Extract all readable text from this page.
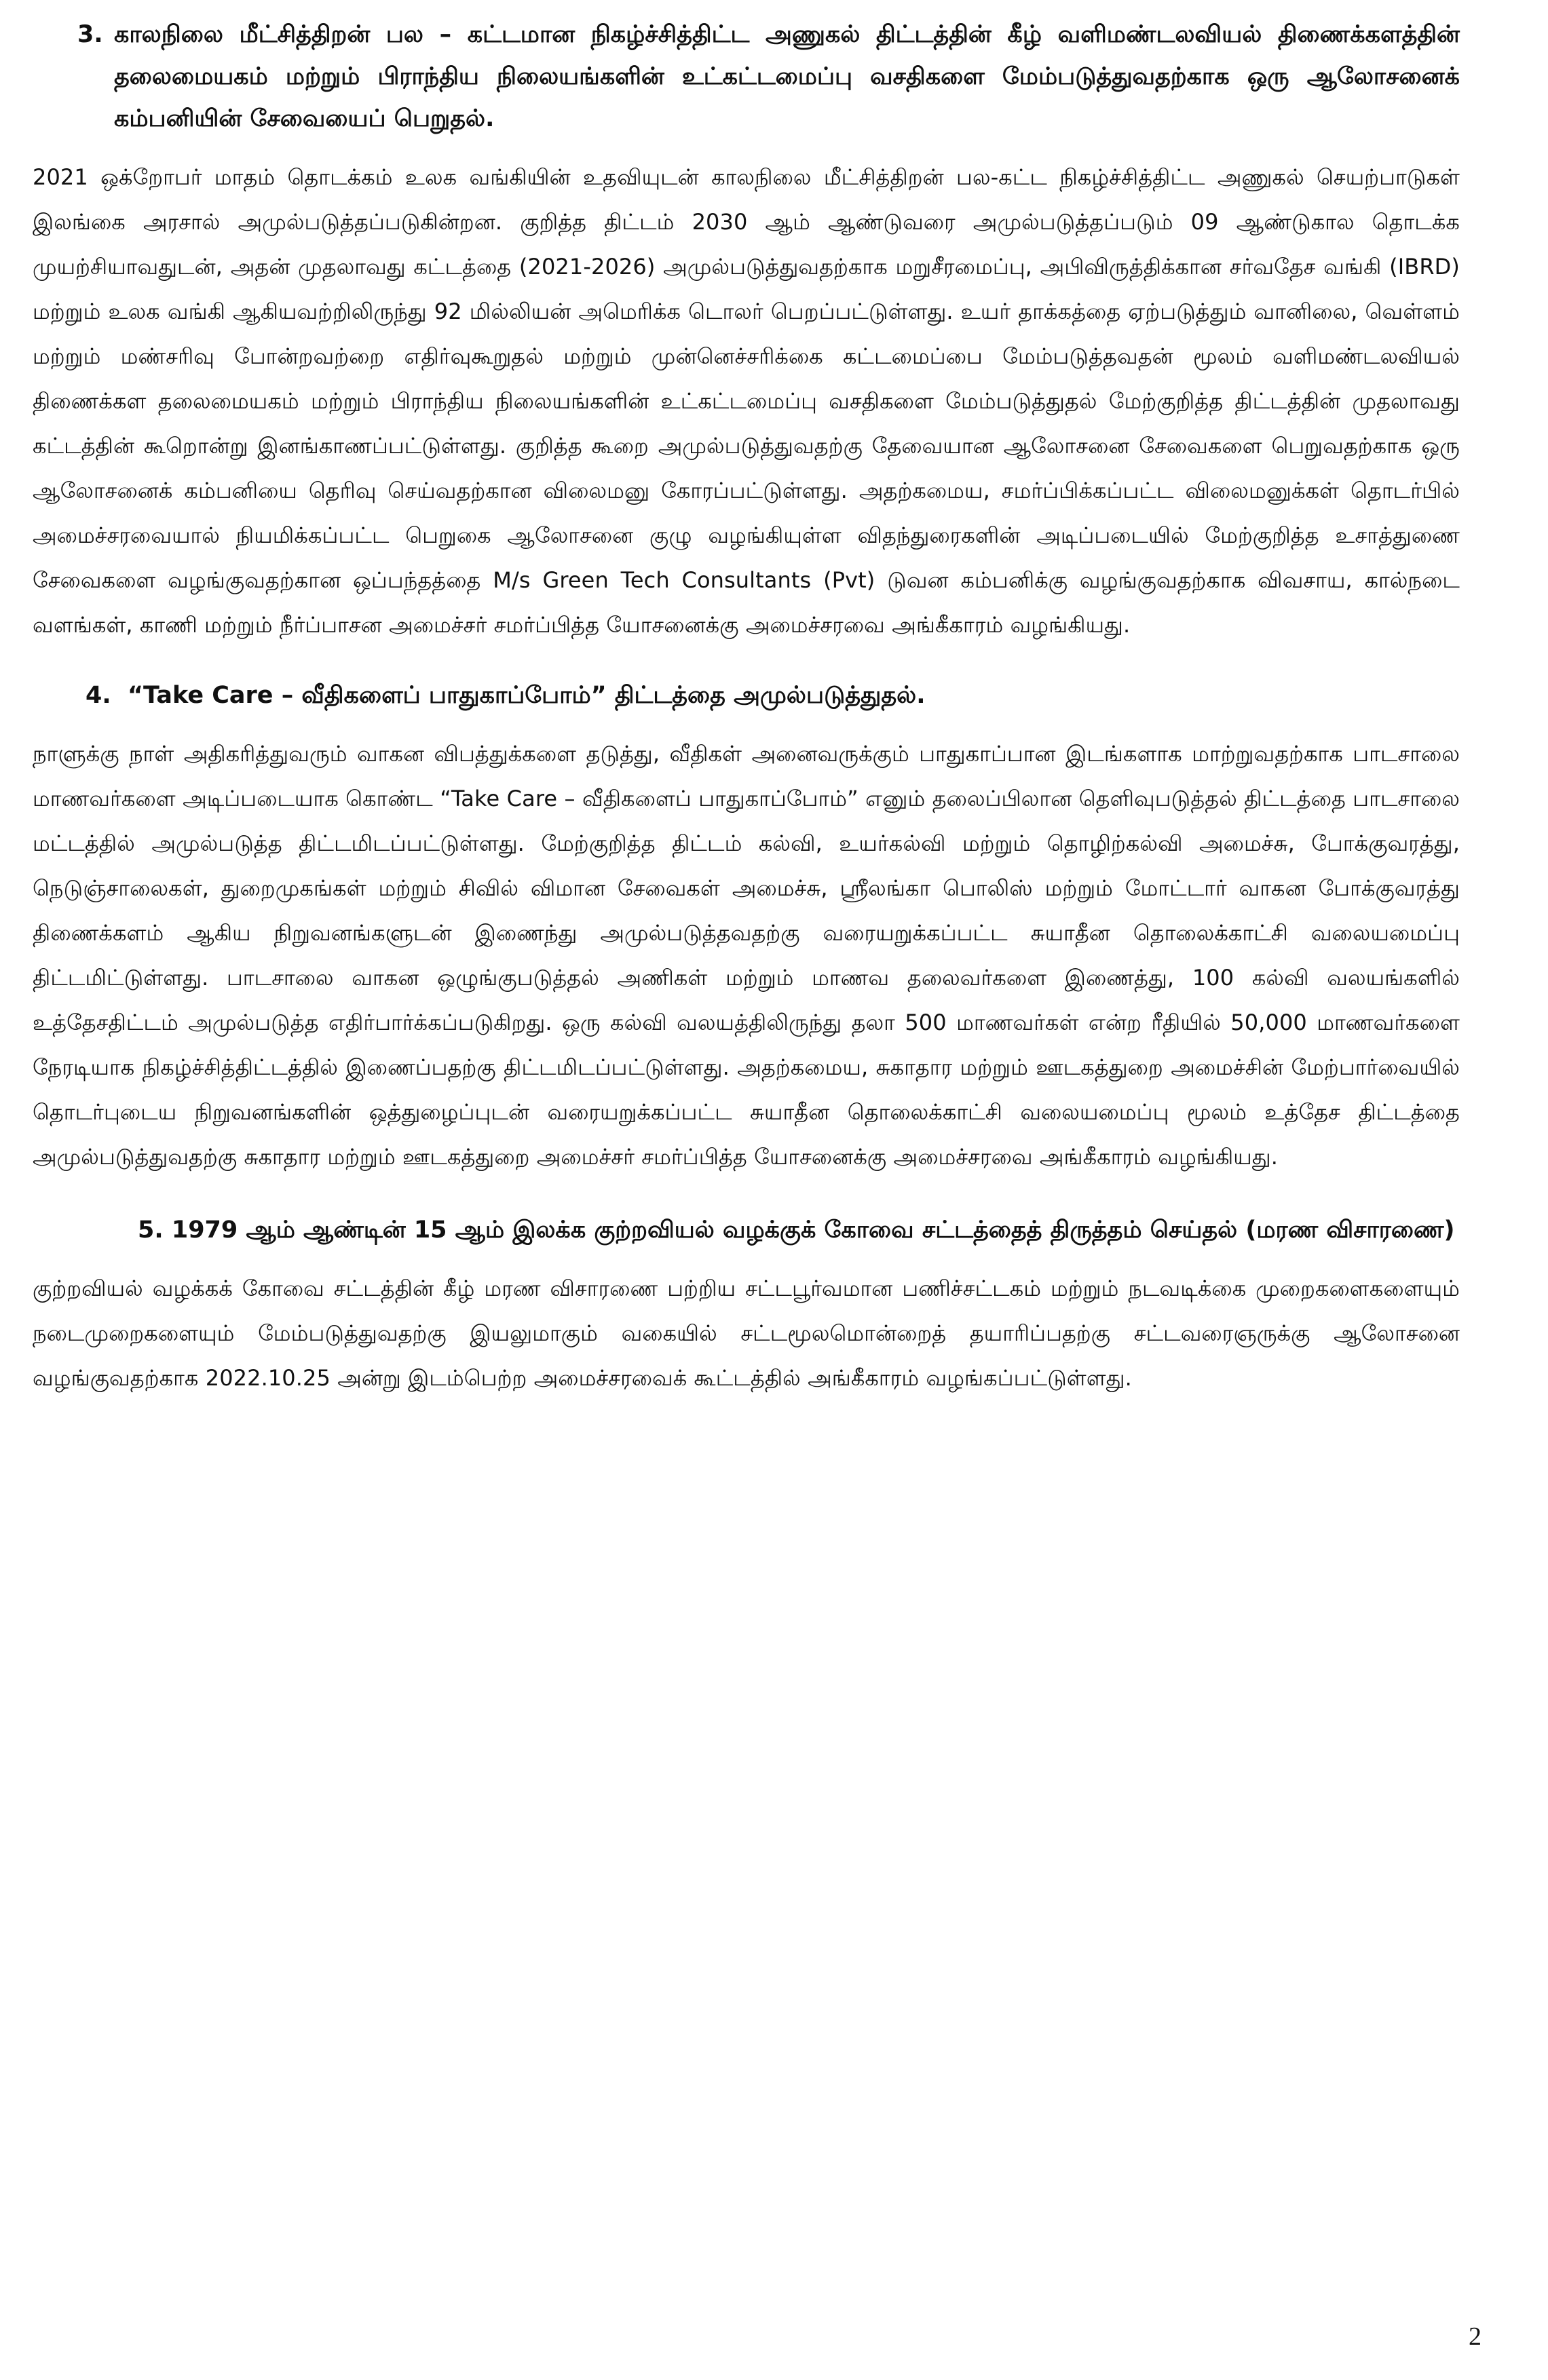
3. காலநிலை மீட்சித்திறன் பல – கட்டமான நிகழ்ச்சித்திட்ட அணுகல் திட்டத்தின் கீழ் வளிமண்டலவியல் திணைக்களத்தின் தலைமையகம் மற்றும் பிராந்திய நிலையங்களின் உட்கட்டமைப்பு வசதிகளை மேம்படுத்துவதற்காக ஒரு ஆலோசனைக் கம்பனியின் சேவையைப் பெறுதல்.

2021 ஒக்றோபர் மாதம் தொடக்கம் உலக வங்கியின் உதவியுடன் காலநிலை மீட்சித்திறன் பல-கட்ட நிகழ்ச்சித்திட்ட அணுகல் செயற்பாடுகள் இலங்கை அரசால் அமுல்படுத்தப்படுகின்றன. குறித்த திட்டம் 2030 ஆம் ஆண்டுவரை அமுல்படுத்தப்படும் 09 ஆண்டுகால தொடக்க முயற்சியாவதுடன், அதன் முதலாவது கட்டத்தை (2021-2026) அமுல்படுத்துவதற்காக மறுசீரமைப்பு, அபிவிருத்திக்கான சர்வதேச வங்கி (IBRD) மற்றும் உலக வங்கி ஆகியவற்றிலிருந்து 92 மில்லியன் அமெரிக்க டொலர் பெறப்பட்டுள்ளது. உயர் தாக்கத்தை ஏற்படுத்தும் வானிலை, வெள்ளம் மற்றும் மண்சரிவு போன்றவற்றை எதிர்வுகூறுதல் மற்றும் முன்னெச்சரிக்கை கட்டமைப்பை மேம்படுத்தவதன் மூலம் வளிமண்டலவியல் திணைக்கள தலைமையகம் மற்றும் பிராந்திய நிலையங்களின் உட்கட்டமைப்பு வசதிகளை மேம்படுத்துதல் மேற்குறித்த திட்டத்தின் முதலாவது கட்டத்தின் கூறொன்று இனங்காணப்பட்டுள்ளது. குறித்த கூறை அமுல்படுத்துவதற்கு தேவையான ஆலோசனை சேவைகளை பெறுவதற்காக ஒரு ஆலோசனைக் கம்பனியை தெரிவு செய்வதற்கான விலைமனு கோரப்பட்டுள்ளது. அதற்கமைய, சமர்ப்பிக்கப்பட்ட விலைமனுக்கள் தொடர்பில் அமைச்சரவையால் நியமிக்கப்பட்ட பெறுகை ஆலோசனை குழு வழங்கியுள்ள விதந்துரைகளின் அடிப்படையில் மேற்குறித்த உசாத்துணை சேவைகளை வழங்குவதற்கான ஒப்பந்தத்தை M/s Green Tech Consultants (Pvt) டுவன கம்பனிக்கு வழங்குவதற்காக விவசாய, கால்நடை வளங்கள், காணி மற்றும் நீர்ப்பாசன அமைச்சர் சமர்ப்பித்த யோசனைக்கு அமைச்சரவை அங்கீகாரம் வழங்கியது.

4. “Take Care – வீதிகளைப் பாதுகாப்போம்” திட்டத்தை அமுல்படுத்துதல்.

நாளுக்கு நாள் அதிகரித்துவரும் வாகன விபத்துக்களை தடுத்து, வீதிகள் அனைவருக்கும் பாதுகாப்பான இடங்களாக மாற்றுவதற்காக பாடசாலை மாணவர்களை அடிப்படையாக கொண்ட “Take Care – வீதிகளைப் பாதுகாப்போம்” எனும் தலைப்பிலான தெளிவுபடுத்தல் திட்டத்தை பாடசாலை மட்டத்தில் அமுல்படுத்த திட்டமிடப்பட்டுள்ளது. மேற்குறித்த திட்டம் கல்வி, உயர்கல்வி மற்றும் தொழிற்கல்வி அமைச்சு, போக்குவரத்து, நெடுஞ்சாலைகள், துறைமுகங்கள் மற்றும் சிவில் விமான சேவைகள் அமைச்சு, ஸ்ரீலங்கா பொலிஸ் மற்றும் மோட்டார் வாகன போக்குவரத்து திணைக்களம் ஆகிய நிறுவனங்களுடன் இணைந்து அமுல்படுத்தவதற்கு வரையறுக்கப்பட்ட சுயாதீன தொலைக்காட்சி வலையமைப்பு திட்டமிட்டுள்ளது. பாடசாலை வாகன ஒழுங்குபடுத்தல் அணிகள் மற்றும் மாணவ தலைவர்களை இணைத்து, 100 கல்வி வலயங்களில் உத்தேசதிட்டம் அமுல்படுத்த எதிர்பார்க்கப்படுகிறது. ஒரு கல்வி வலயத்திலிருந்து தலா 500 மாணவர்கள் என்ற ரீதியில் 50,000 மாணவர்களை நேரடியாக நிகழ்ச்சித்திட்டத்தில் இணைப்பதற்கு திட்டமிடப்பட்டுள்ளது. அதற்கமைய, சுகாதார மற்றும் ஊடகத்துறை அமைச்சின் மேற்பார்வையில் தொடர்புடைய நிறுவனங்களின் ஒத்துழைப்புடன் வரையறுக்கப்பட்ட சுயாதீன தொலைக்காட்சி வலையமைப்பு மூலம் உத்தேச திட்டத்தை அமுல்படுத்துவதற்கு சுகாதார மற்றும் ஊடகத்துறை அமைச்சர் சமர்ப்பித்த யோசனைக்கு அமைச்சரவை அங்கீகாரம் வழங்கியது.

5. 1979 ஆம் ஆண்டின் 15 ஆம் இலக்க குற்றவியல் வழக்குக் கோவை சட்டத்தைத் திருத்தம் செய்தல் (மரண விசாரணை)

குற்றவியல் வழக்கக் கோவை சட்டத்தின் கீழ் மரண விசாரணை பற்றிய சட்டபூர்வமான பணிச்சட்டகம் மற்றும் நடவடிக்கை முறைகளைகளையும் நடைமுறைகளையும் மேம்படுத்துவதற்கு இயலுமாகும் வகையில் சட்டமூலமொன்றைத் தயாரிப்பதற்கு சட்டவரைஞருக்கு ஆலோசனை வழங்குவதற்காக 2022.10.25 அன்று இடம்பெற்ற அமைச்சரவைக் கூட்டத்தில் அங்கீகாரம் வழங்கப்பட்டுள்ளது.

2
